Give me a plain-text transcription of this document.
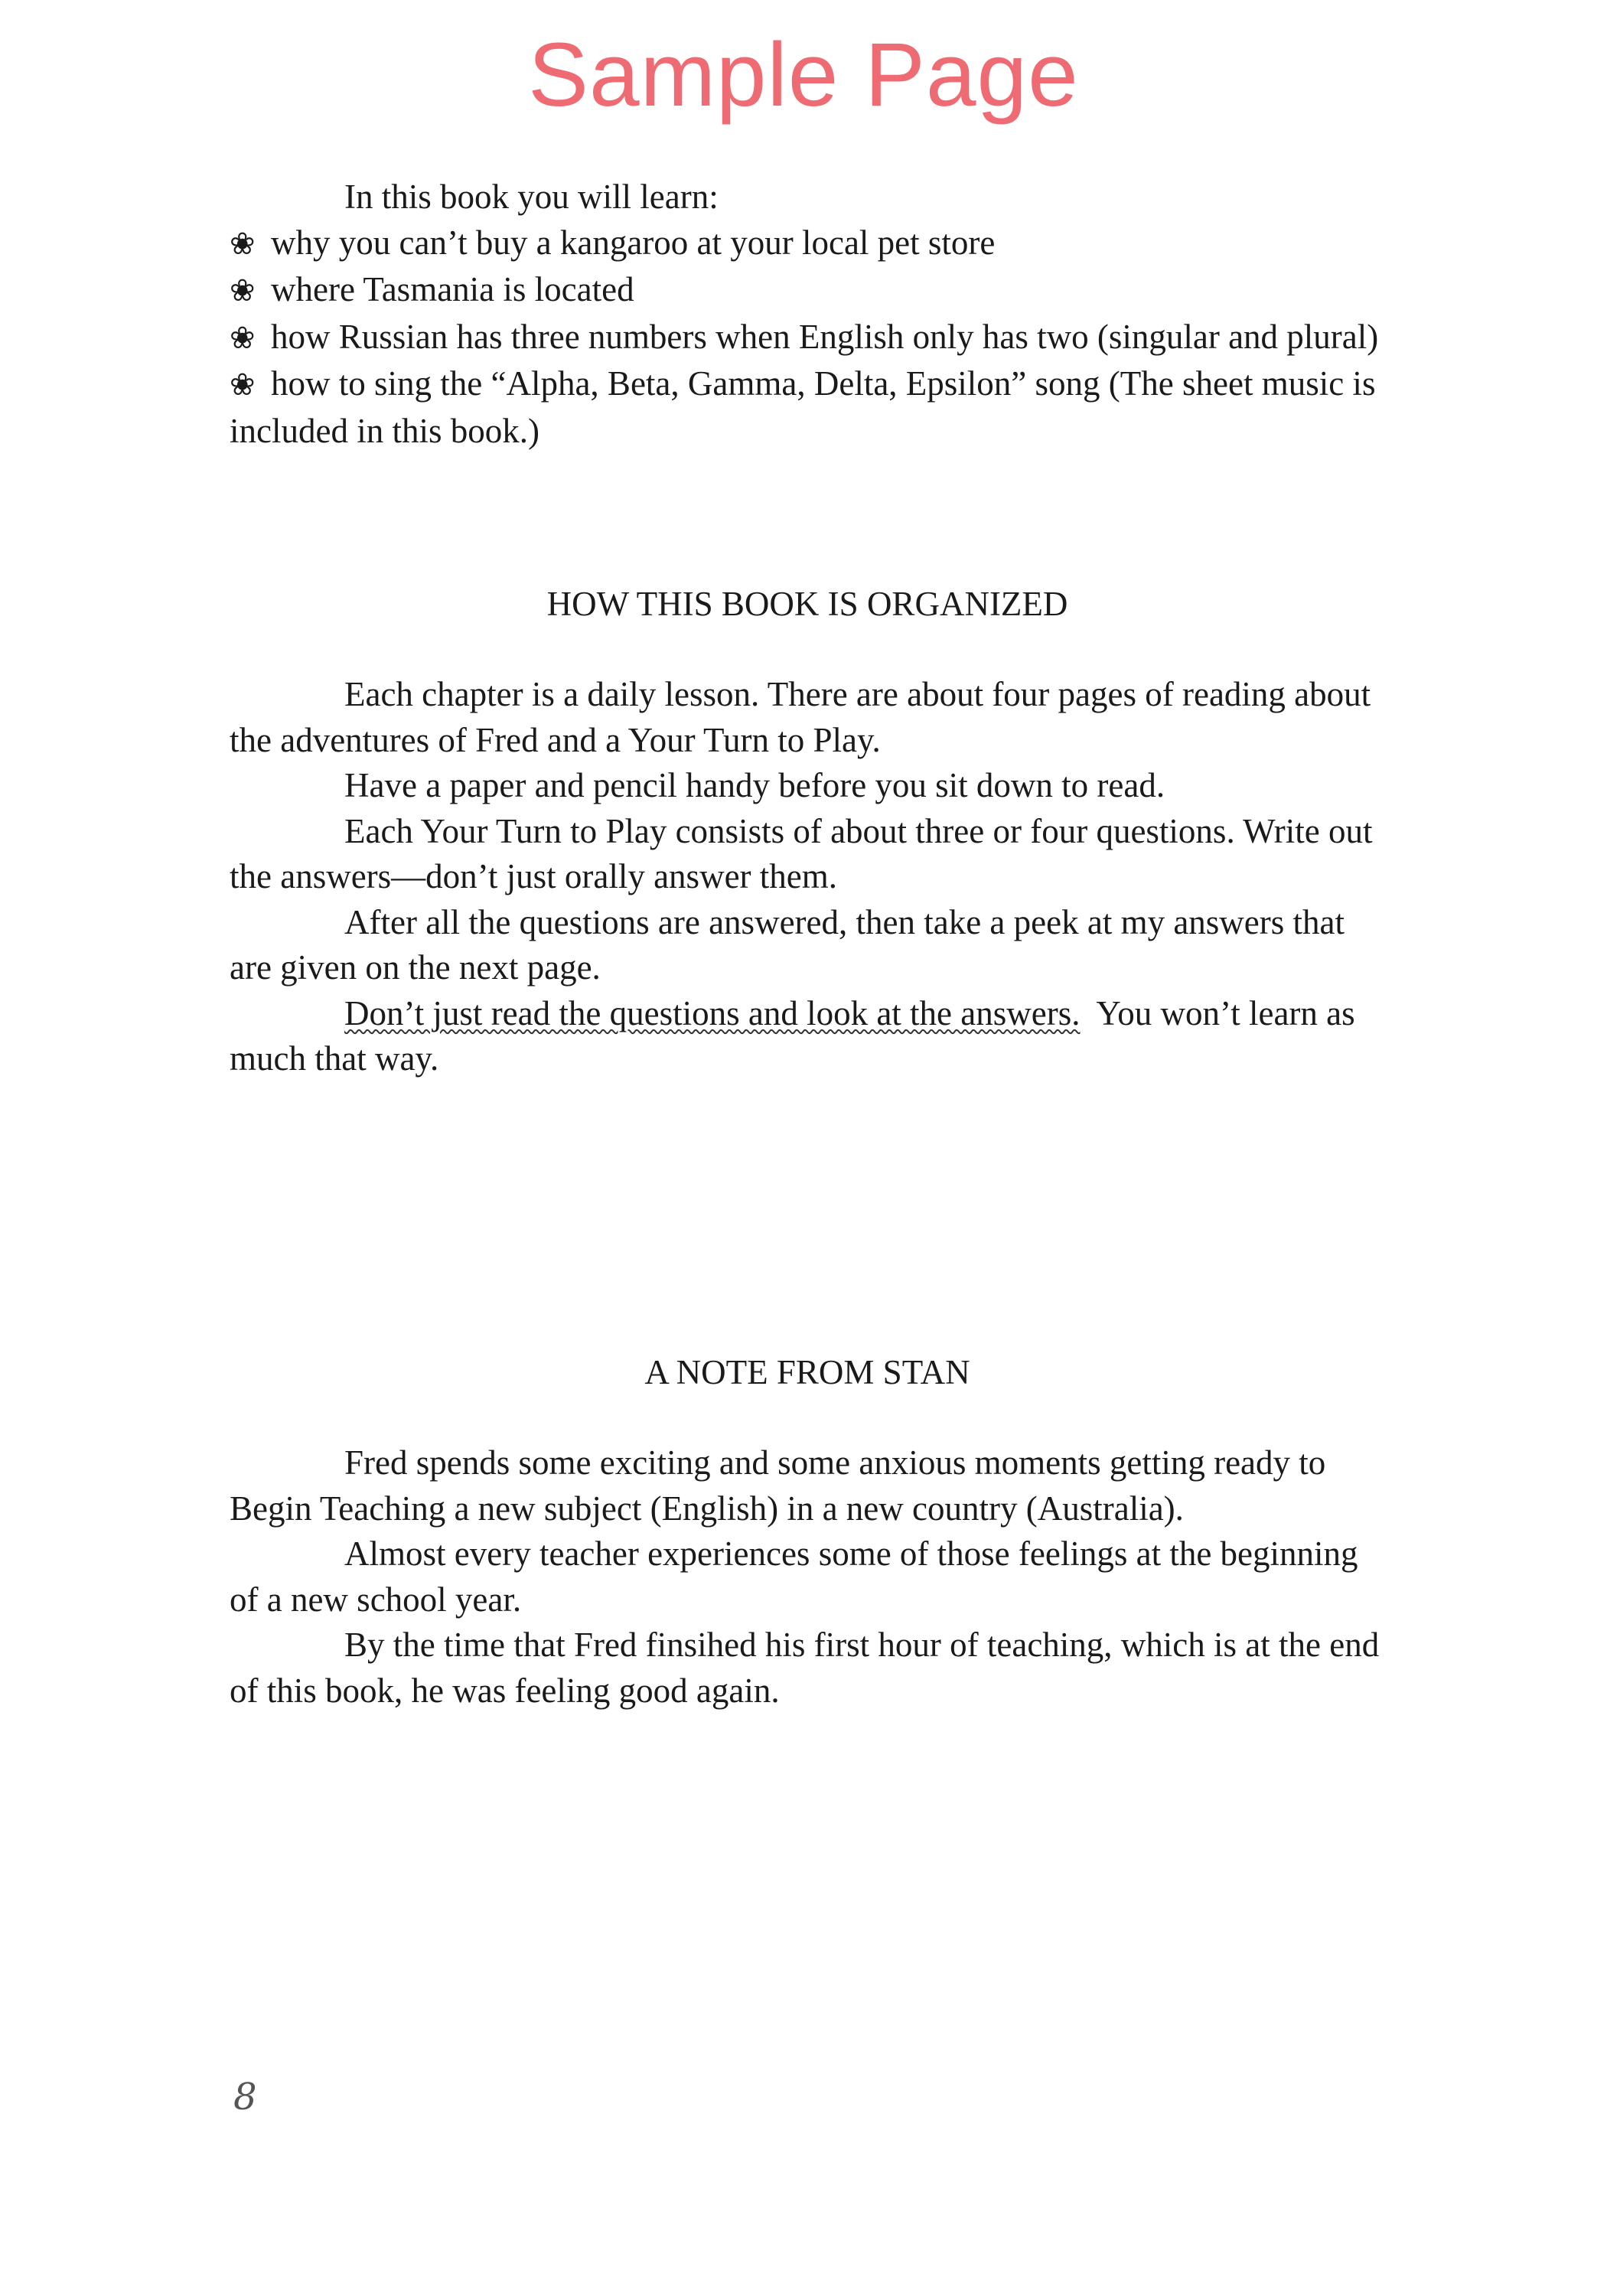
Sample Page

In this book you will learn:

❀ why you can’t buy a kangaroo at your local pet store

❀ where Tasmania is located

❀ how Russian has three numbers when English only has two (singular and plural)

❀ how to sing the “Alpha, Beta, Gamma, Delta, Epsilon” song (The sheet music is included in this book.)

HOW THIS BOOK IS ORGANIZED

Each chapter is a daily lesson. There are about four pages of reading about the adventures of Fred and a Your Turn to Play.

Have a paper and pencil handy before you sit down to read.

Each Your Turn to Play consists of about three or four questions. Write out the answers—don’t just orally answer them.

After all the questions are answered, then take a peek at my answers that are given on the next page.

Don’t just read the questions and look at the answers.  You won’t learn as much that way.

A NOTE FROM STAN

Fred spends some exciting and some anxious moments getting ready to Begin Teaching a new subject (English) in a new country (Australia).

Almost every teacher experiences some of those feelings at the beginning of a new school year.

By the time that Fred finsihed his first hour of teaching, which is at the end of this book, he was feeling good again.

8
